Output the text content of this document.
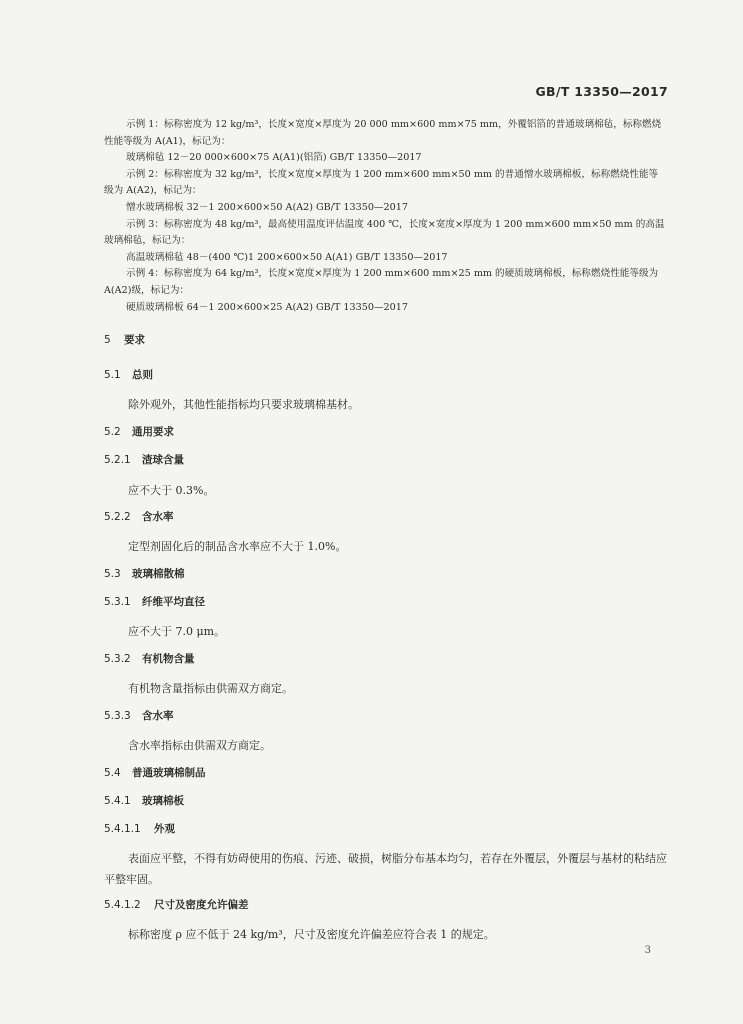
GB/T 13350—2017

示例 1：标称密度为 12 kg/m³，长度×宽度×厚度为 20 000 mm×600 mm×75 mm，外覆铝箔的普通玻璃棉毡，标称燃烧性能等级为 A(A1)，标记为：

玻璃棉毡 12－20 000×600×75 A(A1)(铝箔) GB/T 13350—2017

示例 2：标称密度为 32 kg/m³，长度×宽度×厚度为 1 200 mm×600 mm×50 mm 的普通憎水玻璃棉板，标称燃烧性能等级为 A(A2)，标记为：

憎水玻璃棉板 32－1 200×600×50 A(A2) GB/T 13350—2017

示例 3：标称密度为 48 kg/m³，最高使用温度评估温度 400 ℃，长度×宽度×厚度为 1 200 mm×600 mm×50 mm 的高温玻璃棉毡，标记为：

高温玻璃棉毡 48－(400 ℃)1 200×600×50 A(A1) GB/T 13350—2017

示例 4：标称密度为 64 kg/m³，长度×宽度×厚度为 1 200 mm×600 mm×25 mm 的硬质玻璃棉板，标称燃烧性能等级为 A(A2)级，标记为：

硬质玻璃棉板 64－1 200×600×25 A(A2) GB/T 13350—2017

5 要求
5.1 总则

除外观外，其他性能指标均只要求玻璃棉基材。

5.2 通用要求
5.2.1 渣球含量

应不大于 0.3%。

5.2.2 含水率

定型剂固化后的制品含水率应不大于 1.0%。

5.3 玻璃棉散棉
5.3.1 纤维平均直径

应不大于 7.0 μm。

5.3.2 有机物含量

有机物含量指标由供需双方商定。

5.3.3 含水率

含水率指标由供需双方商定。

5.4 普通玻璃棉制品
5.4.1 玻璃棉板
5.4.1.1 外观

表面应平整，不得有妨碍使用的伤痕、污迹、破损，树脂分布基本均匀，若存在外覆层，外覆层与基材的粘结应平整牢固。

5.4.1.2 尺寸及密度允许偏差

标称密度 ρ 应不低于 24 kg/m³，尺寸及密度允许偏差应符合表 1 的规定。

3
